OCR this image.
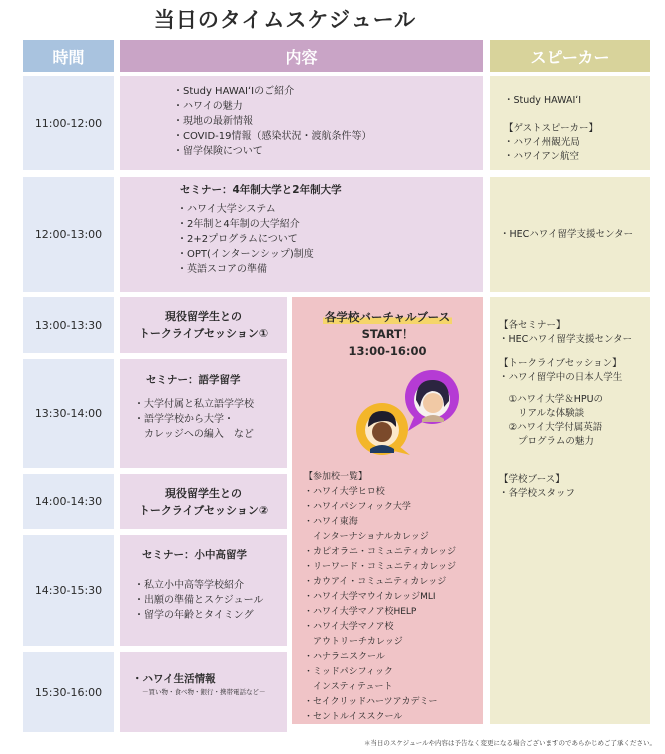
当日のタイムスケジュール
時間	内容	スピーカー
11:00-12:00
・Study HAWAIʻIのご紹介
・ハワイの魅力
・現地の最新情報
・COVID-19情報（感染状況・渡航条件等）
・留学保険について
12:00-13:00
セミナー：4年制大学と2年制大学
・ハワイ大学システム
・2年制と4年制の大学紹介
・2+2プログラムについて
・OPT(インターンシップ)制度
・英語スコアの準備
13:00-13:30
現役留学生との
トークライブセッション①
13:30-14:00
セミナー：語学留学
・大学付属と私立語学学校
・語学学校から大学・
　カレッジへの編入　など
14:00-14:30
現役留学生との
トークライブセッション②
14:30-15:30
セミナー：小中高留学
・私立小中高等学校紹介
・出願の準備とスケジュール
・留学の年齢とタイミング
15:30-16:00
・ハワイ生活情報
－買い物・食べ物・銀行・携帯電話など－
各学校バーチャルブース
START！
13:00-16:00
【参加校一覧】
・ハワイ大学ヒロ校
・ハワイパシフィック大学
・ハワイ東海
　インターナショナルカレッジ
・カピオラニ・コミュニティカレッジ
・リーワード・コミュニティカレッジ
・カウアイ・コミュニティカレッジ
・ハワイ大学マウイカレッジMLI
・ハワイ大学マノア校HELP
・ハワイ大学マノア校
　アウトリーチカレッジ
・ハナラニスクール
・ミッドパシフィック
　インスティテュート
・セイクリッドハーツアカデミー
・セントルイススクール
・Study HAWAIʻI

【ゲストスピーカー】
・ハワイ州観光局
・ハワイアン航空
・HECハワイ留学支援センター
【各セミナー】
・HECハワイ留学支援センター
【トークライブセッション】
・ハワイ留学中の日本人学生
　①ハワイ大学＆HPUの
　　リアルな体験談
　②ハワイ大学付属英語
　　プログラムの魅力
【学校ブース】
・各学校スタッフ
＊当日のスケジュールや内容は予告なく変更になる場合ございますのであらかじめご了承ください。
